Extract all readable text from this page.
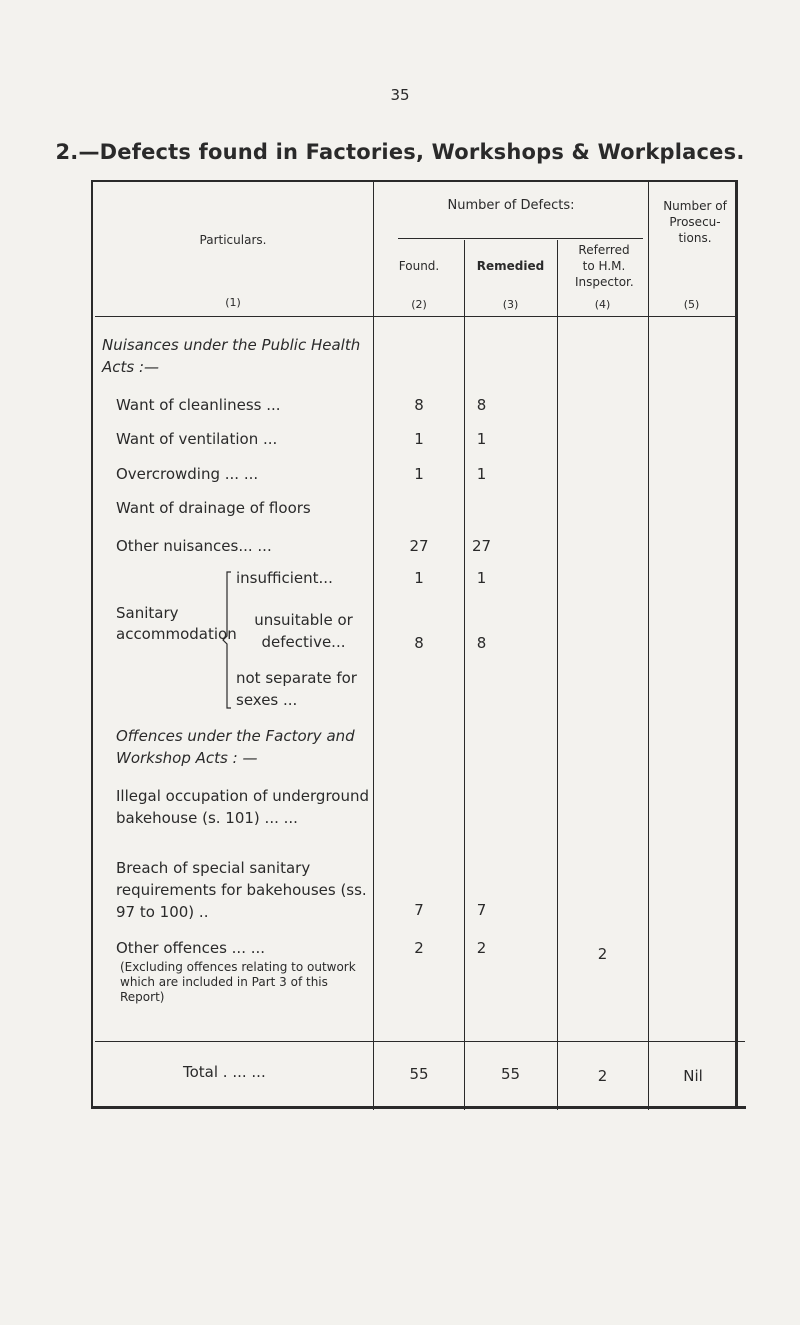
35
2.—Defects found in Factories, Workshops & Workplaces.
Particulars.
Number of Defects:
Found.	Remedied
Referred to H.M. Inspector.
Number of Prosecu- tions.
(1)	(2)	(3)	(4)	(5)
Nuisances under the Public Health Acts :—
Want of cleanliness ...	8	8
Want of ventilation ...	1	1
Overcrowding ... ...	1	1
Want of drainage of floors
Other nuisances... ...	27	27
Sanitary accommodation
insufficient...	1	1
unsuitable or defective...	8	8
not separate for sexes ...
Offences under the Factory and Workshop Acts : —
Illegal occupation of underground bakehouse (s. 101) ... ...
Breach of special sanitary requirements for bakehouses (ss. 97 to 100) ..	7	7
Other offences ... ...	2	2	2
(Excluding offences relating to outwork which are included in Part 3 of this Report)
Total . ... ...	55	55	2	Nil
